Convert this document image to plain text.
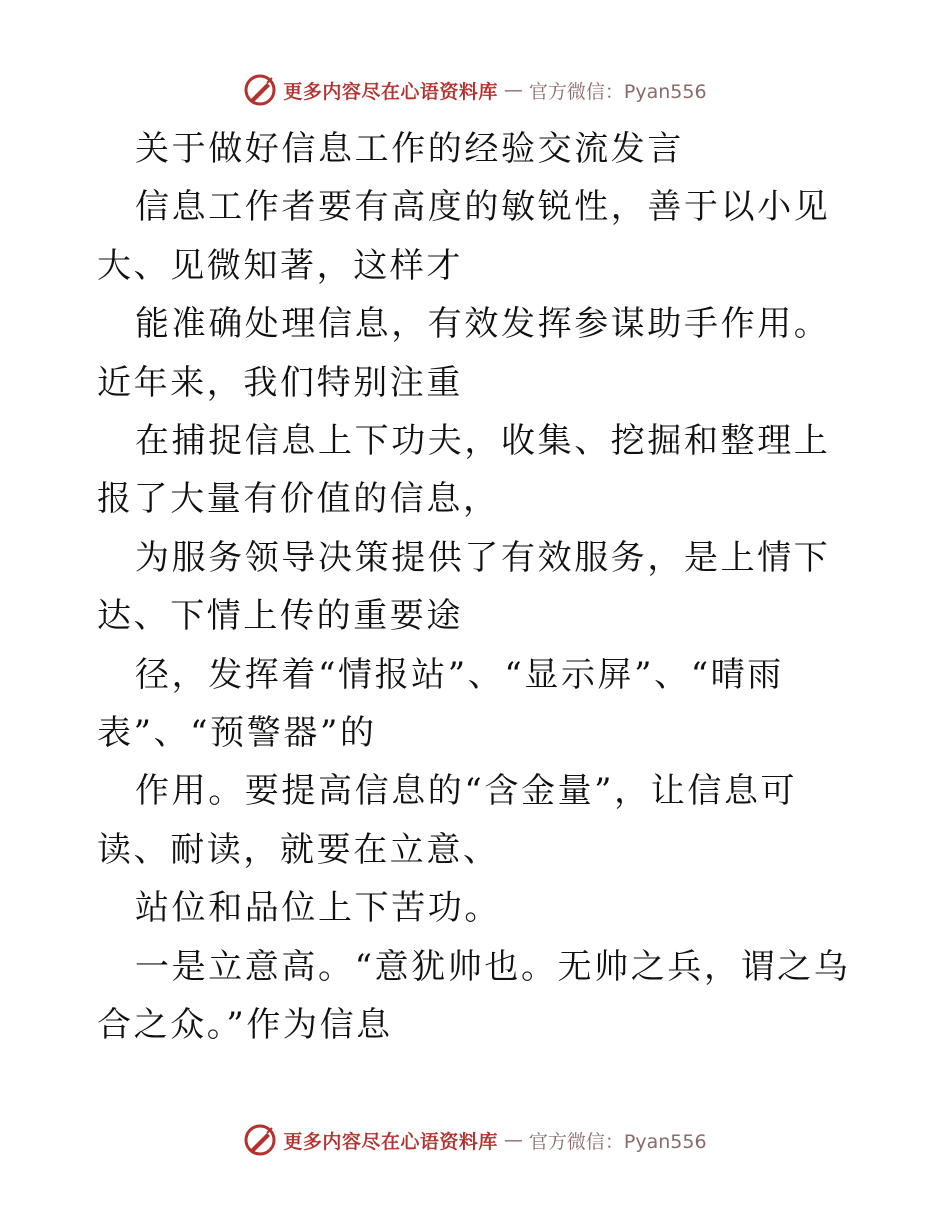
更多内容尽在心语资料库 — 官方微信：Pyan556

关于做好信息工作的经验交流发言

信息工作者要有高度的敏锐性，善于以小见大、见微知著，这样才

能准确处理信息，有效发挥参谋助手作用。近年来，我们特别注重

在捕捉信息上下功夫，收集、挖掘和整理上报了大量有价值的信息，

为服务领导决策提供了有效服务，是上情下达、下情上传的重要途

径，发挥着“情报站”、“显示屏”、“晴雨表”、“预警器”的

作用。要提高信息的“含金量”，让信息可读、耐读，就要在立意、

站位和品位上下苦功。

一是立意高。“意犹帅也。无帅之兵，谓之乌合之众。”作为信息

更多内容尽在心语资料库 — 官方微信：Pyan556
